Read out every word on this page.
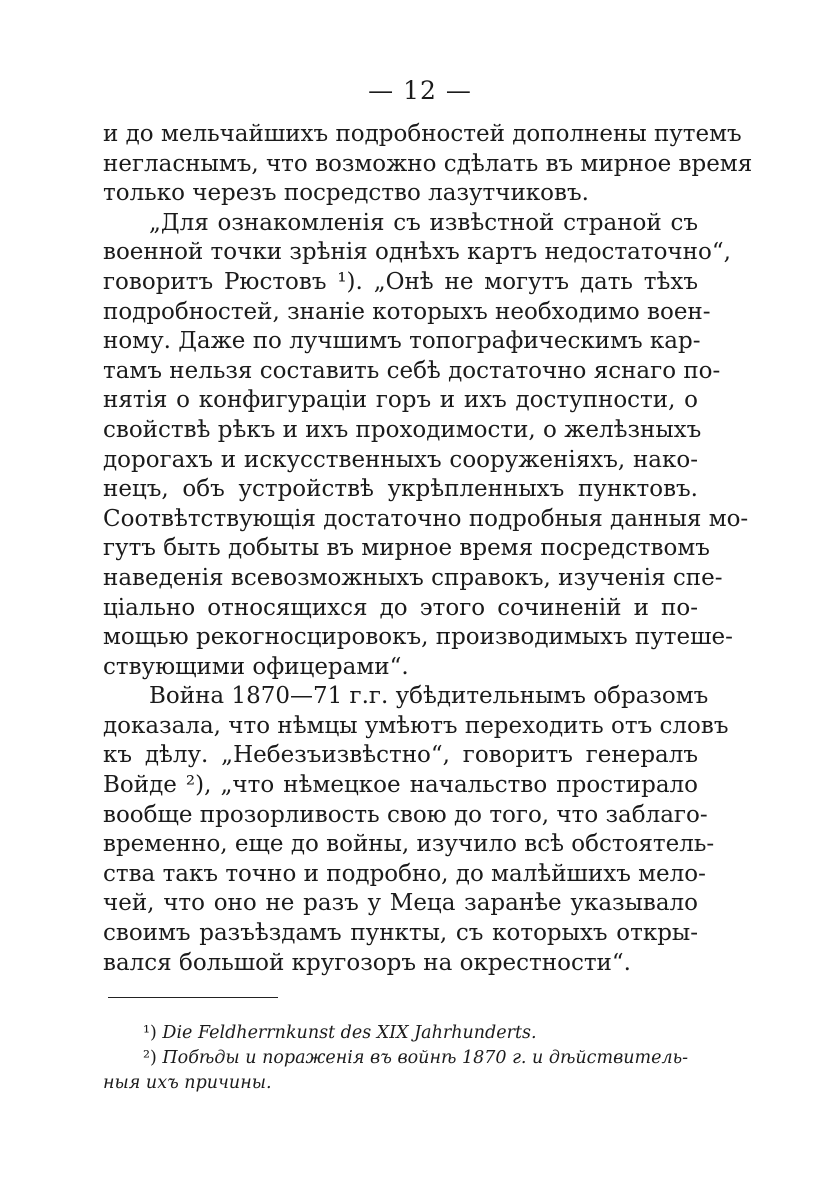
— 12 —
и до мельчайшихъ подробностей дополнены путемъ
негласнымъ, что возможно сдѣлать въ мирное время
только черезъ посредство лазутчиковъ.
„Для ознакомленія съ извѣстной страной съ
военной точки зрѣнія однѣхъ картъ недостаточно“,
говоритъ Рюстовъ ¹). „Онѣ не могутъ дать тѣхъ
подробностей, знаніе которыхъ необходимо воен-
ному. Даже по лучшимъ топографическимъ кар-
тамъ нельзя составить себѣ достаточно яснаго по-
нятія о конфигураціи горъ и ихъ доступности, о
свойствѣ рѣкъ и ихъ проходимости, о желѣзныхъ
дорогахъ и искусственныхъ сооруженіяхъ, нако-
нецъ, объ устройствѣ укрѣпленныхъ пунктовъ.
Соотвѣтствующія достаточно подробныя данныя мо-
гутъ быть добыты въ мирное время посредствомъ
наведенія всевозможныхъ справокъ, изученія спе-
ціально относящихся до этого сочиненій и по-
мощью рекогносцировокъ, производимыхъ путеше-
ствующими офицерами“.
Война 1870—71 г.г. убѣдительнымъ образомъ
доказала, что нѣмцы умѣютъ переходить отъ словъ
къ дѣлу. „Небезъизвѣстно“, говоритъ генералъ
Войде ²), „что нѣмецкое начальство простирало
вообще прозорливость свою до того, что заблаго-
временно, еще до войны, изучило всѣ обстоятель-
ства такъ точно и подробно, до малѣйшихъ мело-
чей, что оно не разъ у Меца заранѣе указывало
своимъ разъѣздамъ пункты, съ которыхъ откры-
вался большой кругозоръ на окрестности“.
¹) Die Feldherrnkunst des XIX Jahrhunderts.
²) Побѣды и пораженія въ войнѣ 1870 г. и дѣйствитель-
ныя ихъ причины.
